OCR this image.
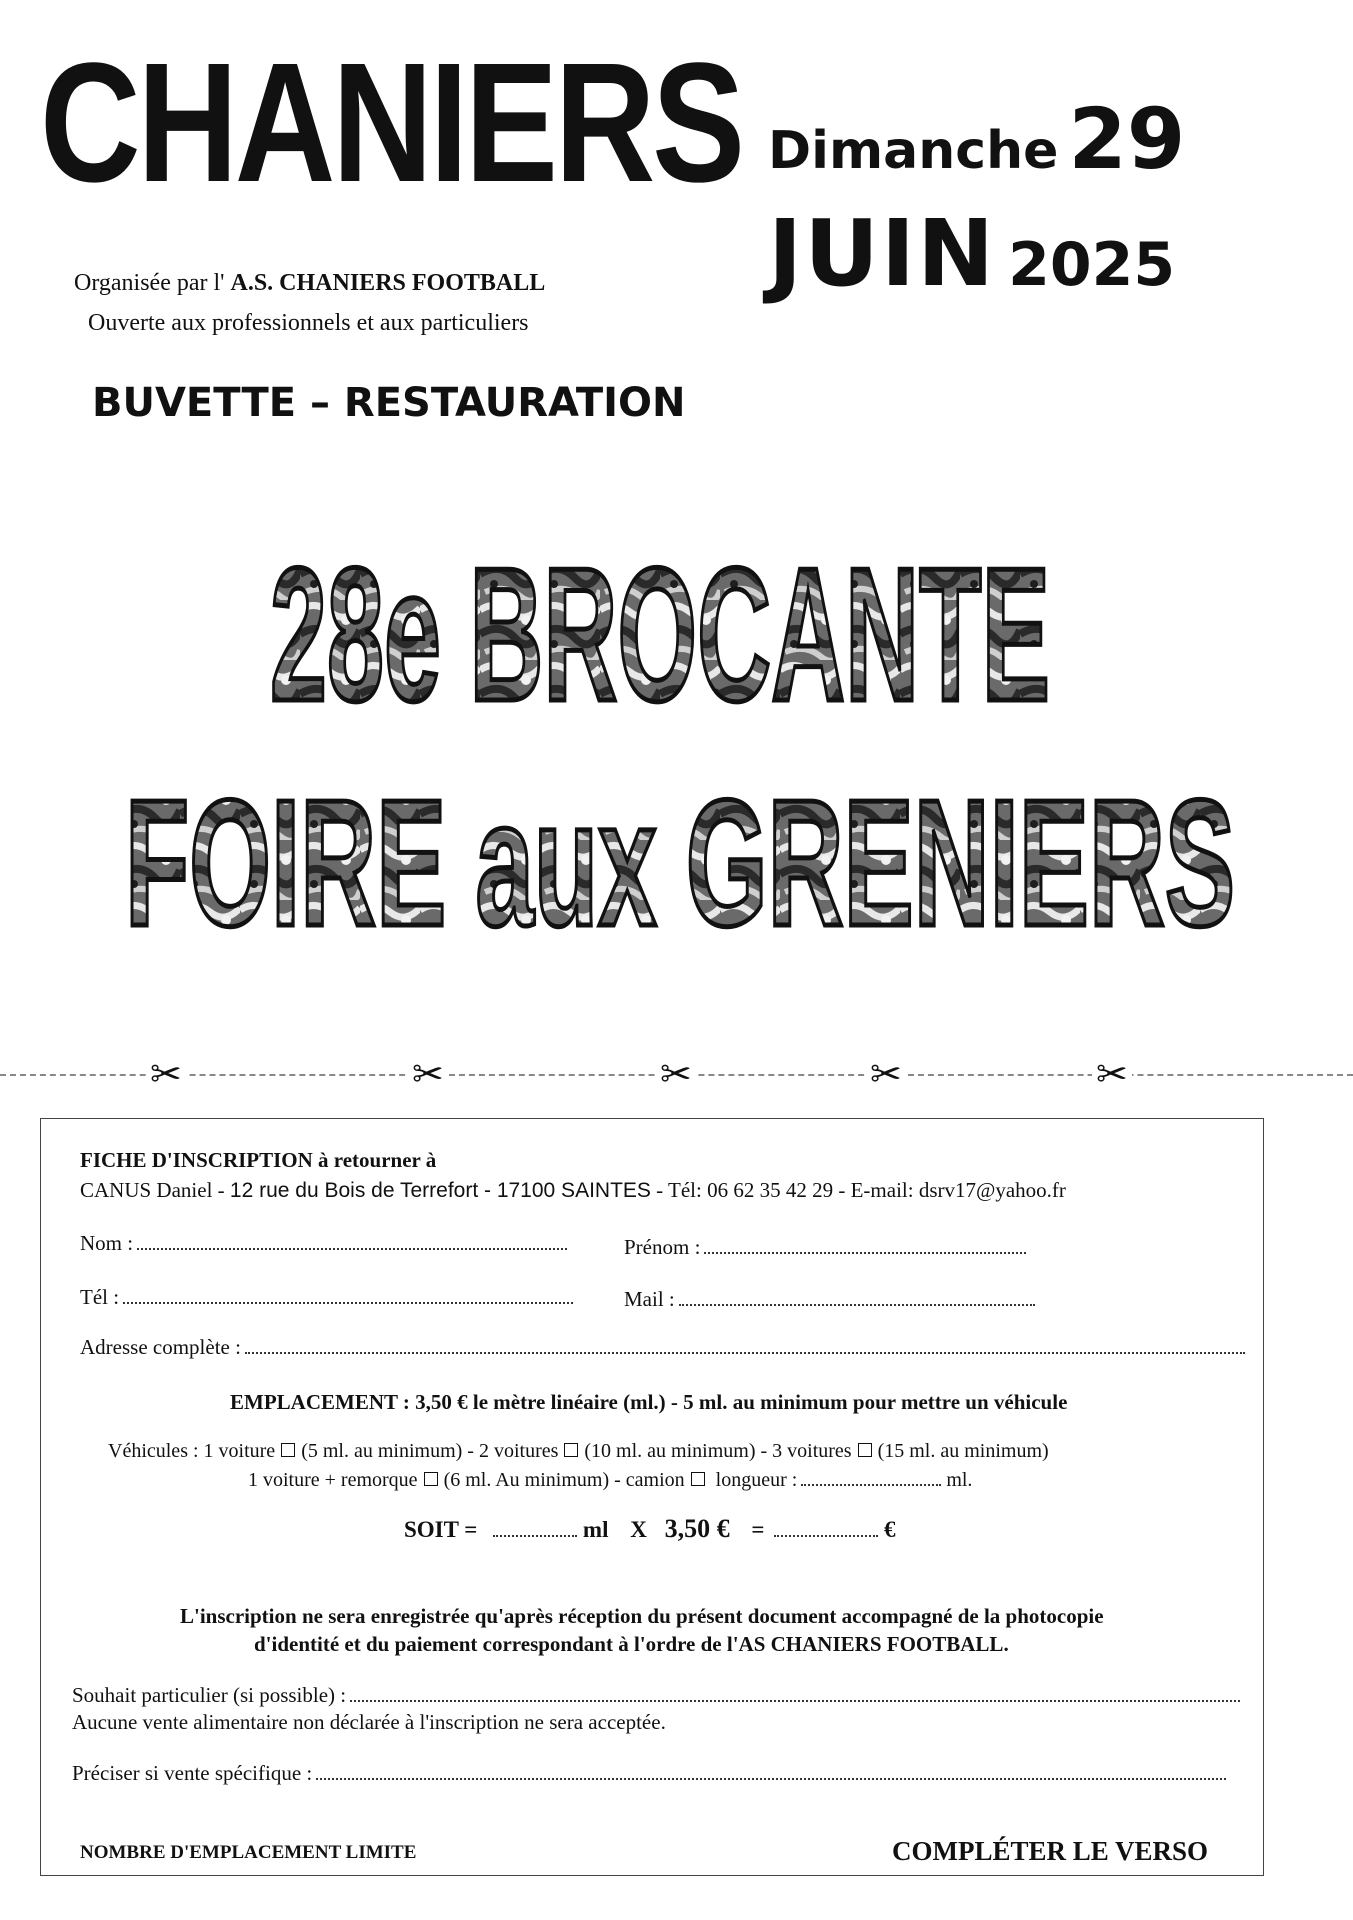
CHANIERS Dimanche 29
JUIN 2025
Organisée par l' A.S. CHANIERS FOOTBALL
Ouverte aux professionnels et aux particuliers
BUVETTE – RESTAURATION
28e BROCANTE
FOIRE aux GRENIERS
✂	✂	✂	✂	✂
FICHE D'INSCRIPTION à retourner à
CANUS Daniel - 12 rue du Bois de Terrefort - 17100 SAINTES - Tél: 06 62 35 42 29 - E-mail: dsrv17@yahoo.fr
Nom :	Prénom :
Tél :	Mail :
Adresse complète :
EMPLACEMENT : 3,50 € le mètre linéaire (ml.) - 5 ml. au minimum pour mettre un véhicule
Véhicules : 1 voiture (5 ml. au minimum) - 2 voitures (10 ml. au minimum) - 3 voitures (15 ml. au minimum)
1 voiture + remorque (6 ml. Au minimum) - camion longueur :	ml.
SOIT =	ml X 3,50 € =	€
L'inscription ne sera enregistrée qu'après réception du présent document accompagné de la photocopie
d'identité et du paiement correspondant à l'ordre de l'AS CHANIERS FOOTBALL.
Souhait particulier (si possible) :
Aucune vente alimentaire non déclarée à l'inscription ne sera acceptée.
Préciser si vente spécifique :
NOMBRE D'EMPLACEMENT LIMITE	COMPLÉTER LE VERSO
